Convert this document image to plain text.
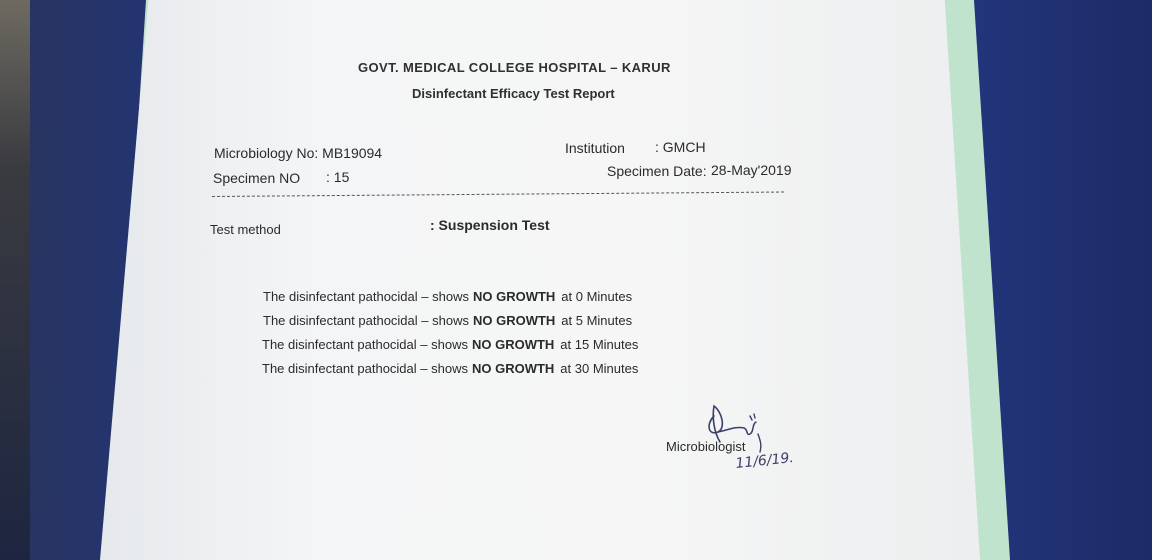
GOVT. MEDICAL COLLEGE HOSPITAL – KARUR
Disinfectant Efficacy Test Report
Microbiology No: MB19094	Institution : GMCH
Specimen NO : 15	Specimen Date: 28-May'2019
Test method	: Suspension Test
The disinfectant pathocidal – shows NO GROWTH at 0 Minutes
The disinfectant pathocidal – shows NO GROWTH at 5 Minutes
The disinfectant pathocidal – shows NO GROWTH at 15 Minutes
The disinfectant pathocidal – shows NO GROWTH at 30 Minutes
Microbiologist
11/6/19.
